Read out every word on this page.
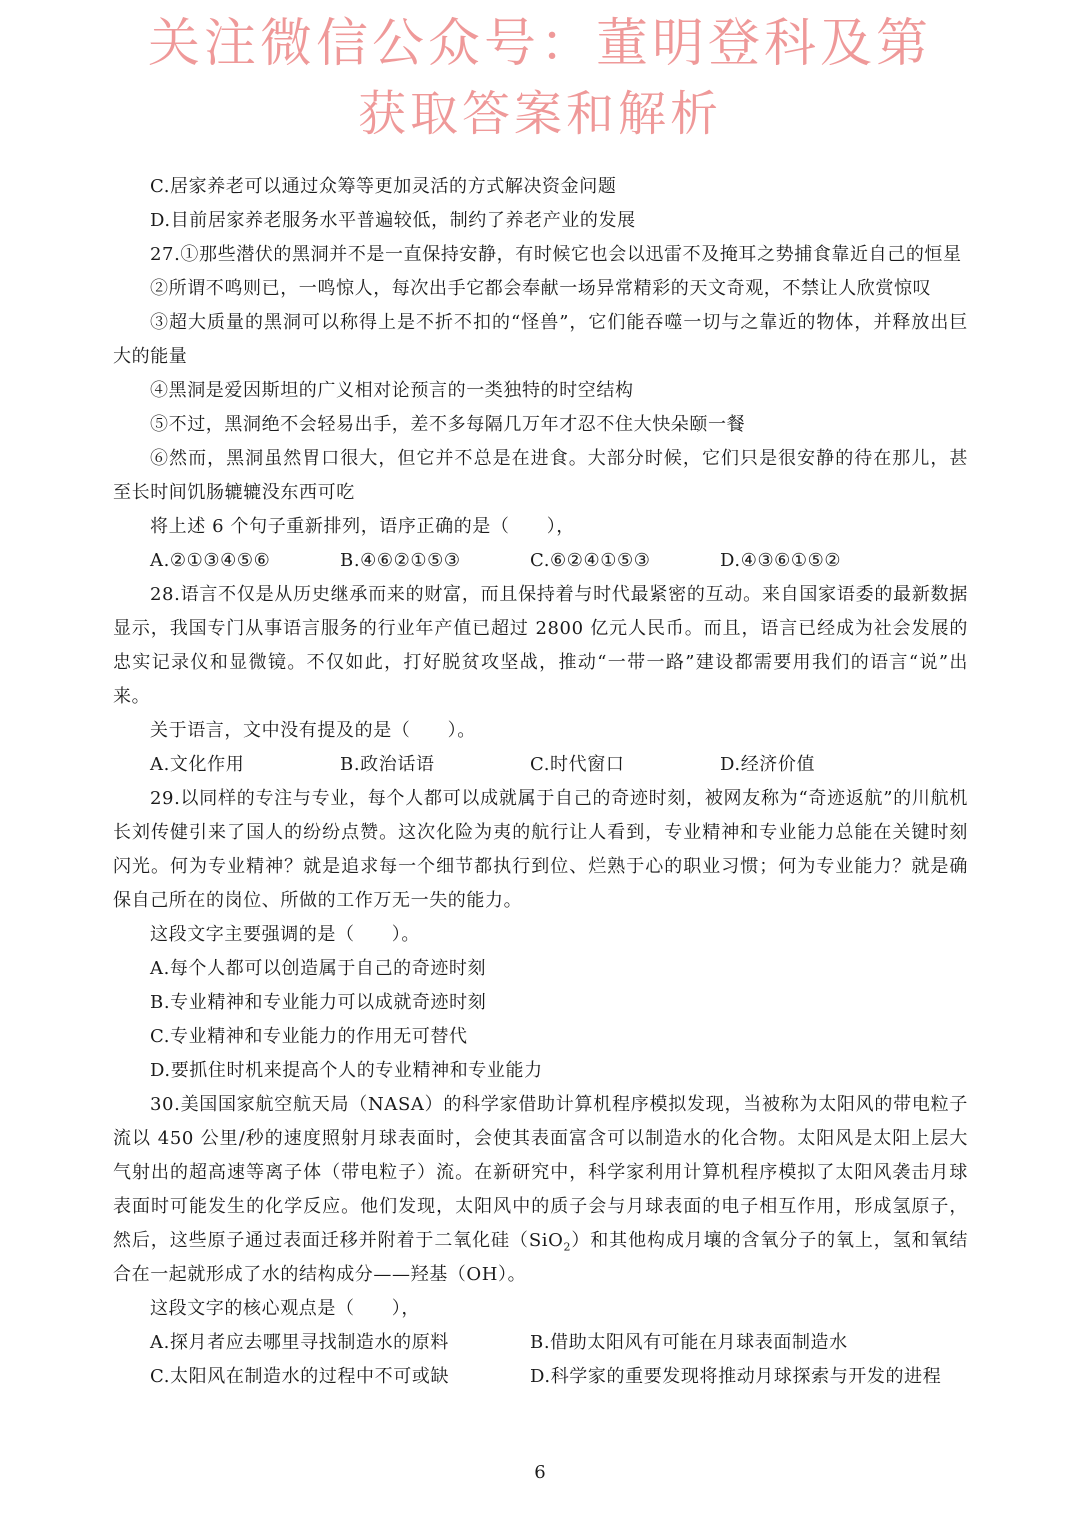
关注微信公众号：董明登科及第
获取答案和解析

C.居家养老可以通过众筹等更加灵活的方式解决资金问题

D.目前居家养老服务水平普遍较低，制约了养老产业的发展

27.①那些潜伏的黑洞并不是一直保持安静，有时候它也会以迅雷不及掩耳之势捕食靠近自己的恒星

②所谓不鸣则已，一鸣惊人，每次出手它都会奉献一场异常精彩的天文奇观，不禁让人欣赏惊叹

③超大质量的黑洞可以称得上是不折不扣的“怪兽”，它们能吞噬一切与之靠近的物体，并释放出巨大的能量

④黑洞是爱因斯坦的广义相对论预言的一类独特的时空结构

⑤不过，黑洞绝不会轻易出手，差不多每隔几万年才忍不住大快朵颐一餐

⑥然而，黑洞虽然胃口很大，但它并不总是在进食。大部分时候，它们只是很安静的待在那儿，甚至长时间饥肠辘辘没东西可吃

将上述 6 个句子重新排列，语序正确的是（　　），

A.②①③④⑤⑥	B.④⑥②①⑤③	C.⑥②④①⑤③	D.④③⑥①⑤②

28.语言不仅是从历史继承而来的财富，而且保持着与时代最紧密的互动。来自国家语委的最新数据显示，我国专门从事语言服务的行业年产值已超过 2800 亿元人民币。而且，语言已经成为社会发展的忠实记录仪和显微镜。不仅如此，打好脱贫攻坚战，推动“一带一路”建设都需要用我们的语言“说”出来。

关于语言，文中没有提及的是（　　）。

A.文化作用	B.政治话语	C.时代窗口	D.经济价值

29.以同样的专注与专业，每个人都可以成就属于自己的奇迹时刻，被网友称为“奇迹返航”的川航机长刘传健引来了国人的纷纷点赞。这次化险为夷的航行让人看到，专业精神和专业能力总能在关键时刻闪光。何为专业精神？就是追求每一个细节都执行到位、烂熟于心的职业习惯；何为专业能力？就是确保自己所在的岗位、所做的工作万无一失的能力。

这段文字主要强调的是（　　）。

A.每个人都可以创造属于自己的奇迹时刻

B.专业精神和专业能力可以成就奇迹时刻

C.专业精神和专业能力的作用无可替代

D.要抓住时机来提高个人的专业精神和专业能力

30.美国国家航空航天局（NASA）的科学家借助计算机程序模拟发现，当被称为太阳风的带电粒子流以 450 公里/秒的速度照射月球表面时，会使其表面富含可以制造水的化合物。太阳风是太阳上层大气射出的超高速等离子体（带电粒子）流。在新研究中，科学家利用计算机程序模拟了太阳风袭击月球表面时可能发生的化学反应。他们发现，太阳风中的质子会与月球表面的电子相互作用，形成氢原子，然后，这些原子通过表面迁移并附着于二氧化硅（SiO$_2$）和其他构成月壤的含氧分子的氧上，氢和氧结合在一起就形成了水的结构成分——羟基（OH）。

这段文字的核心观点是（　　），

A.探月者应去哪里寻找制造水的原料	B.借助太阳风有可能在月球表面制造水
C.太阳风在制造水的过程中不可或缺	D.科学家的重要发现将推动月球探索与开发的进程
6
